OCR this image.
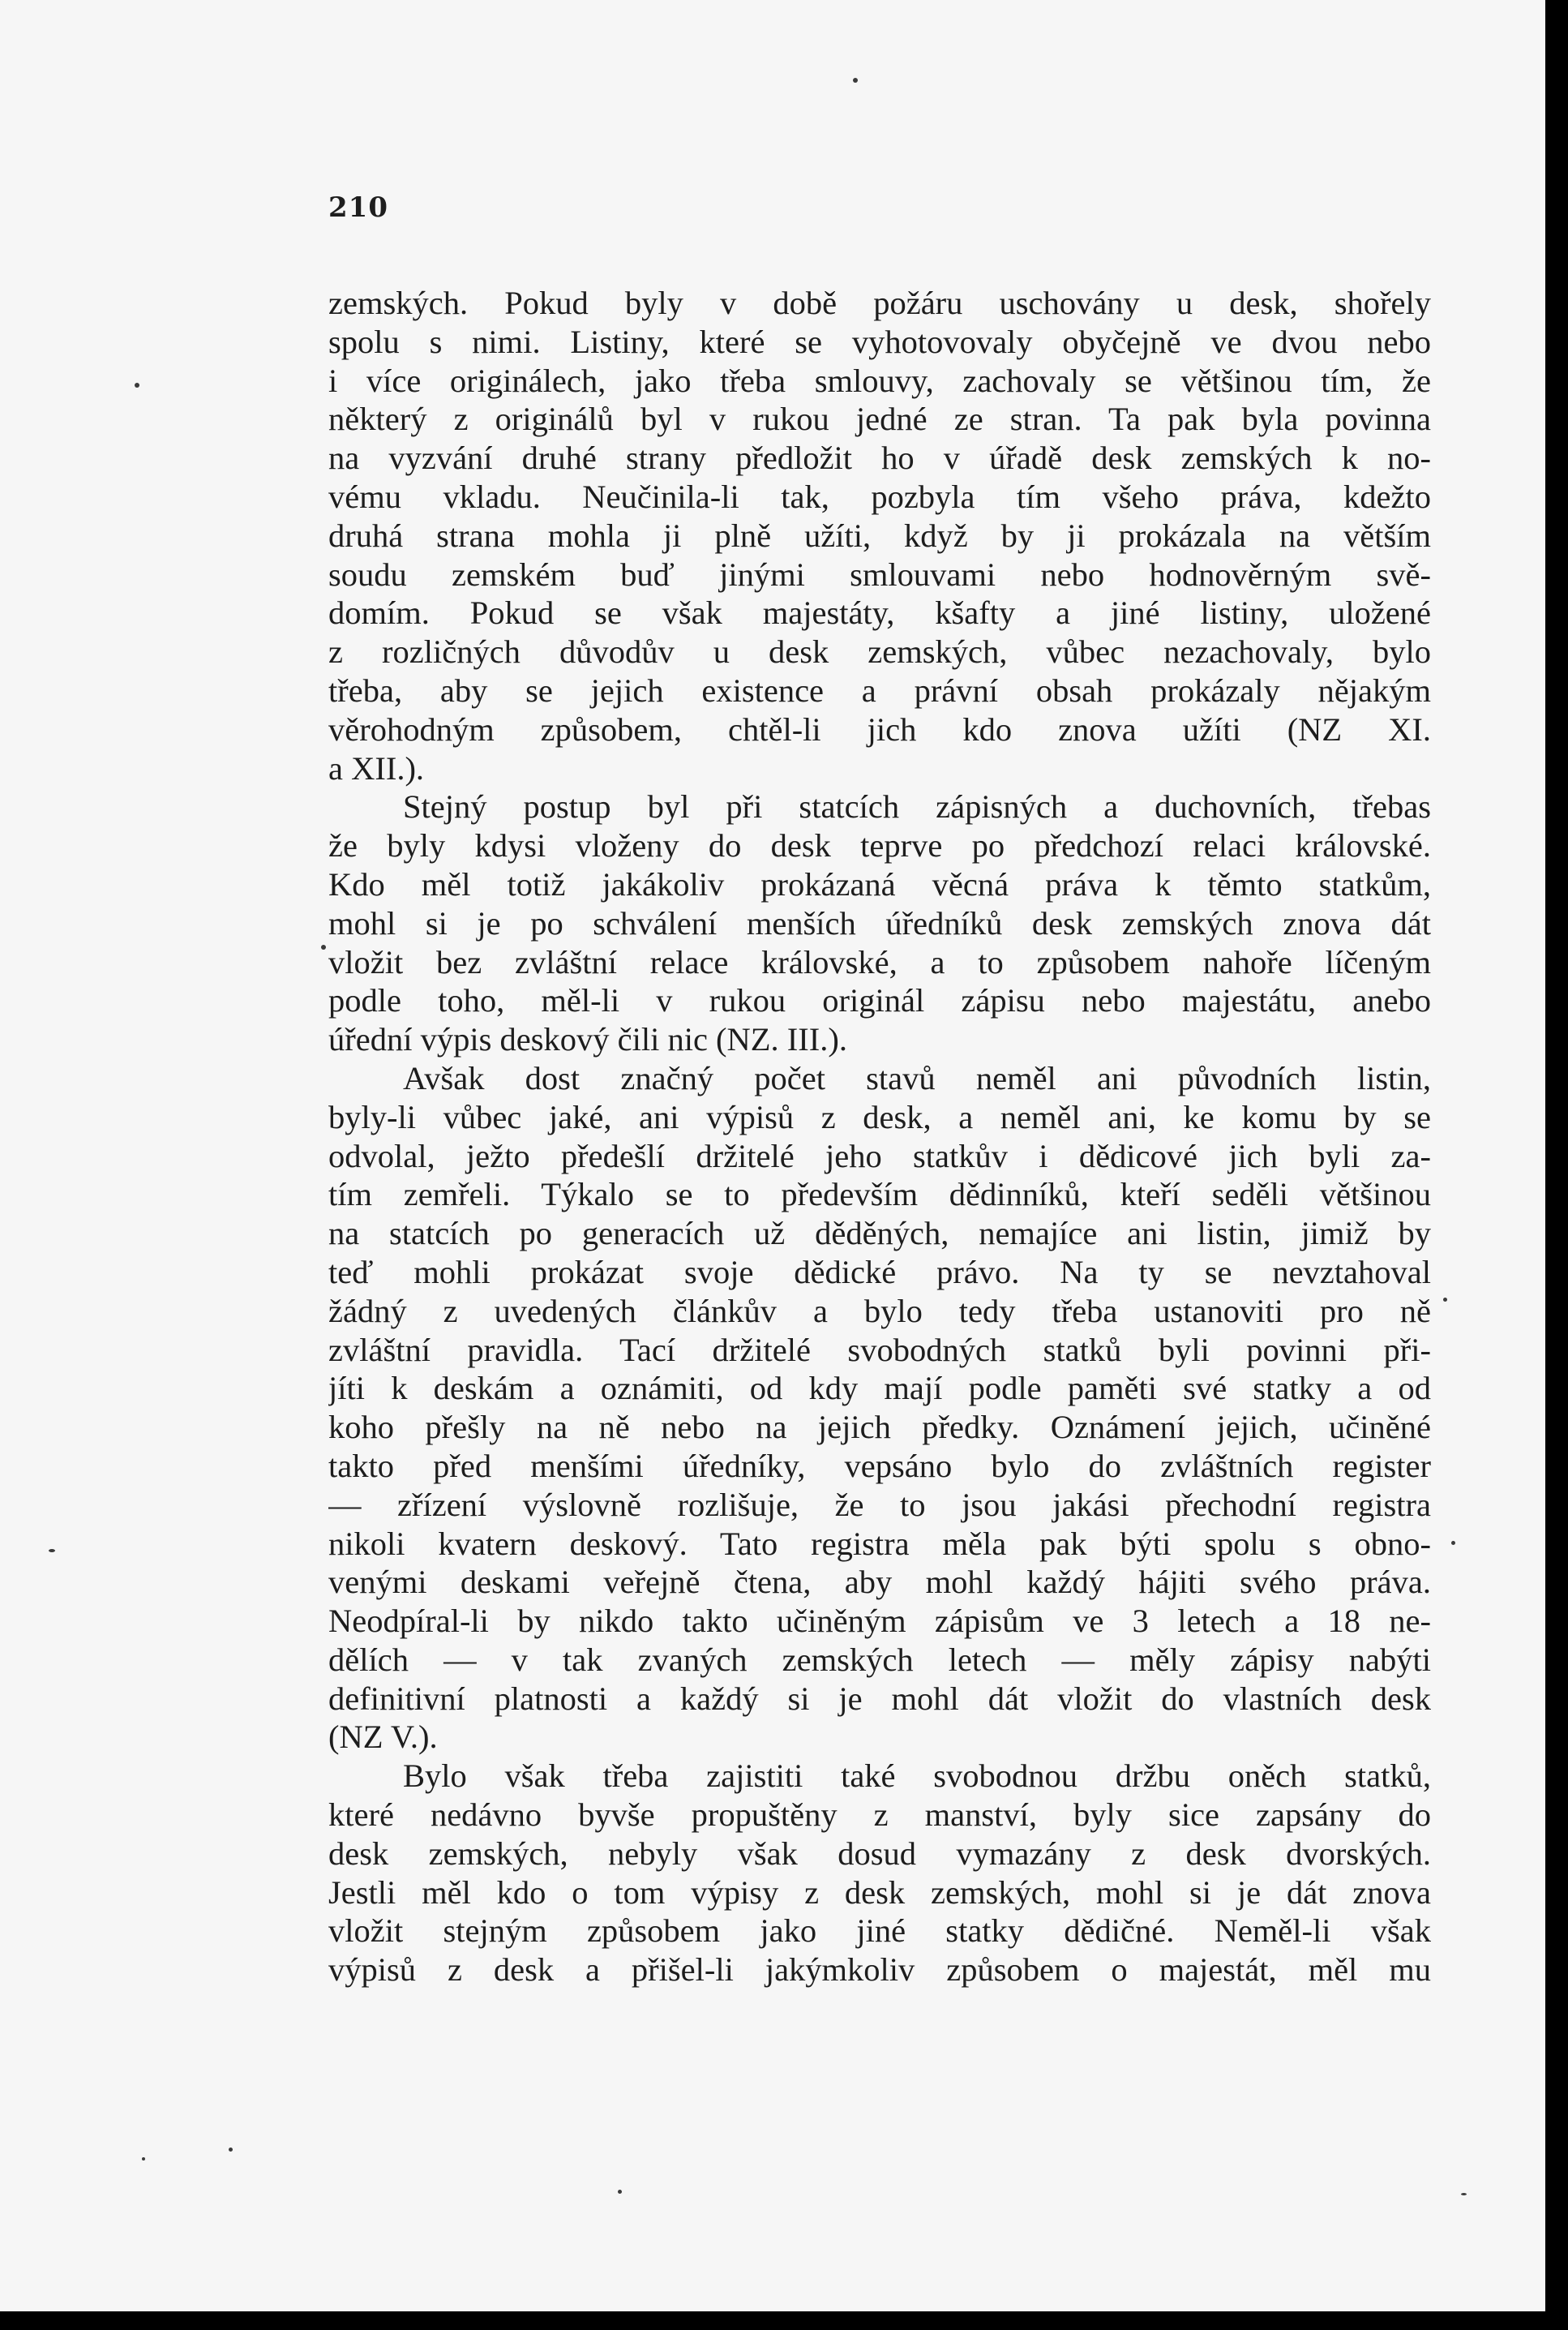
210
zemských. Pokud byly v době požáru uschovány u desk, shořely
spolu s nimi. Listiny, které se vyhotovovaly obyčejně ve dvou nebo
i více originálech, jako třeba smlouvy, zachovaly se většinou tím, že
některý z originálů byl v rukou jedné ze stran. Ta pak byla povinna
na vyzvání druhé strany předložit ho v úřadě desk zemských k no-
vému vkladu. Neučinila-li tak, pozbyla tím všeho práva, kdežto
druhá strana mohla ji plně užíti, když by ji prokázala na větším
soudu zemském buď jinými smlouvami nebo hodnověrným svě-
domím. Pokud se však majestáty, kšafty a jiné listiny, uložené
z rozličných důvodův u desk zemských, vůbec nezachovaly, bylo
třeba, aby se jejich existence a právní obsah prokázaly nějakým
věrohodným způsobem, chtěl-li jich kdo znova užíti (NZ XI.
a XII.).
Stejný postup byl při statcích zápisných a duchovních, třebas
že byly kdysi vloženy do desk teprve po předchozí relaci královské.
Kdo měl totiž jakákoliv prokázaná věcná práva k těmto statkům,
mohl si je po schválení menších úředníků desk zemských znova dát
vložit bez zvláštní relace královské, a to způsobem nahoře líčeným
podle toho, měl-li v rukou originál zápisu nebo majestátu, anebo
úřední výpis deskový čili nic (NZ. III.).
Avšak dost značný počet stavů neměl ani původních listin,
byly-li vůbec jaké, ani výpisů z desk, a neměl ani, ke komu by se
odvolal, ježto předešlí držitelé jeho statkův i dědicové jich byli za-
tím zemřeli. Týkalo se to především dědinníků, kteří seděli většinou
na statcích po generacích už děděných, nemajíce ani listin, jimiž by
teď mohli prokázat svoje dědické právo. Na ty se nevztahoval
žádný z uvedených článkův a bylo tedy třeba ustanoviti pro ně
zvláštní pravidla. Tací držitelé svobodných statků byli povinni při-
jíti k deskám a oznámiti, od kdy mají podle paměti své statky a od
koho přešly na ně nebo na jejich předky. Oznámení jejich, učiněné
takto před menšími úředníky, vepsáno bylo do zvláštních register
— zřízení výslovně rozlišuje, že to jsou jakási přechodní registra
nikoli kvatern deskový. Tato registra měla pak býti spolu s obno-
venými deskami veřejně čtena, aby mohl každý hájiti svého práva.
Neodpíral-li by nikdo takto učiněným zápisům ve 3 letech a 18 ne-
dělích — v tak zvaných zemských letech — měly zápisy nabýti
definitivní platnosti a každý si je mohl dát vložit do vlastních desk
(NZ V.).
Bylo však třeba zajistiti také svobodnou držbu oněch statků,
které nedávno byvše propuštěny z manství, byly sice zapsány do
desk zemských, nebyly však dosud vymazány z desk dvorských.
Jestli měl kdo o tom výpisy z desk zemských, mohl si je dát znova
vložit stejným způsobem jako jiné statky dědičné. Neměl-li však
výpisů z desk a přišel-li jakýmkoliv způsobem o majestát, měl mu
